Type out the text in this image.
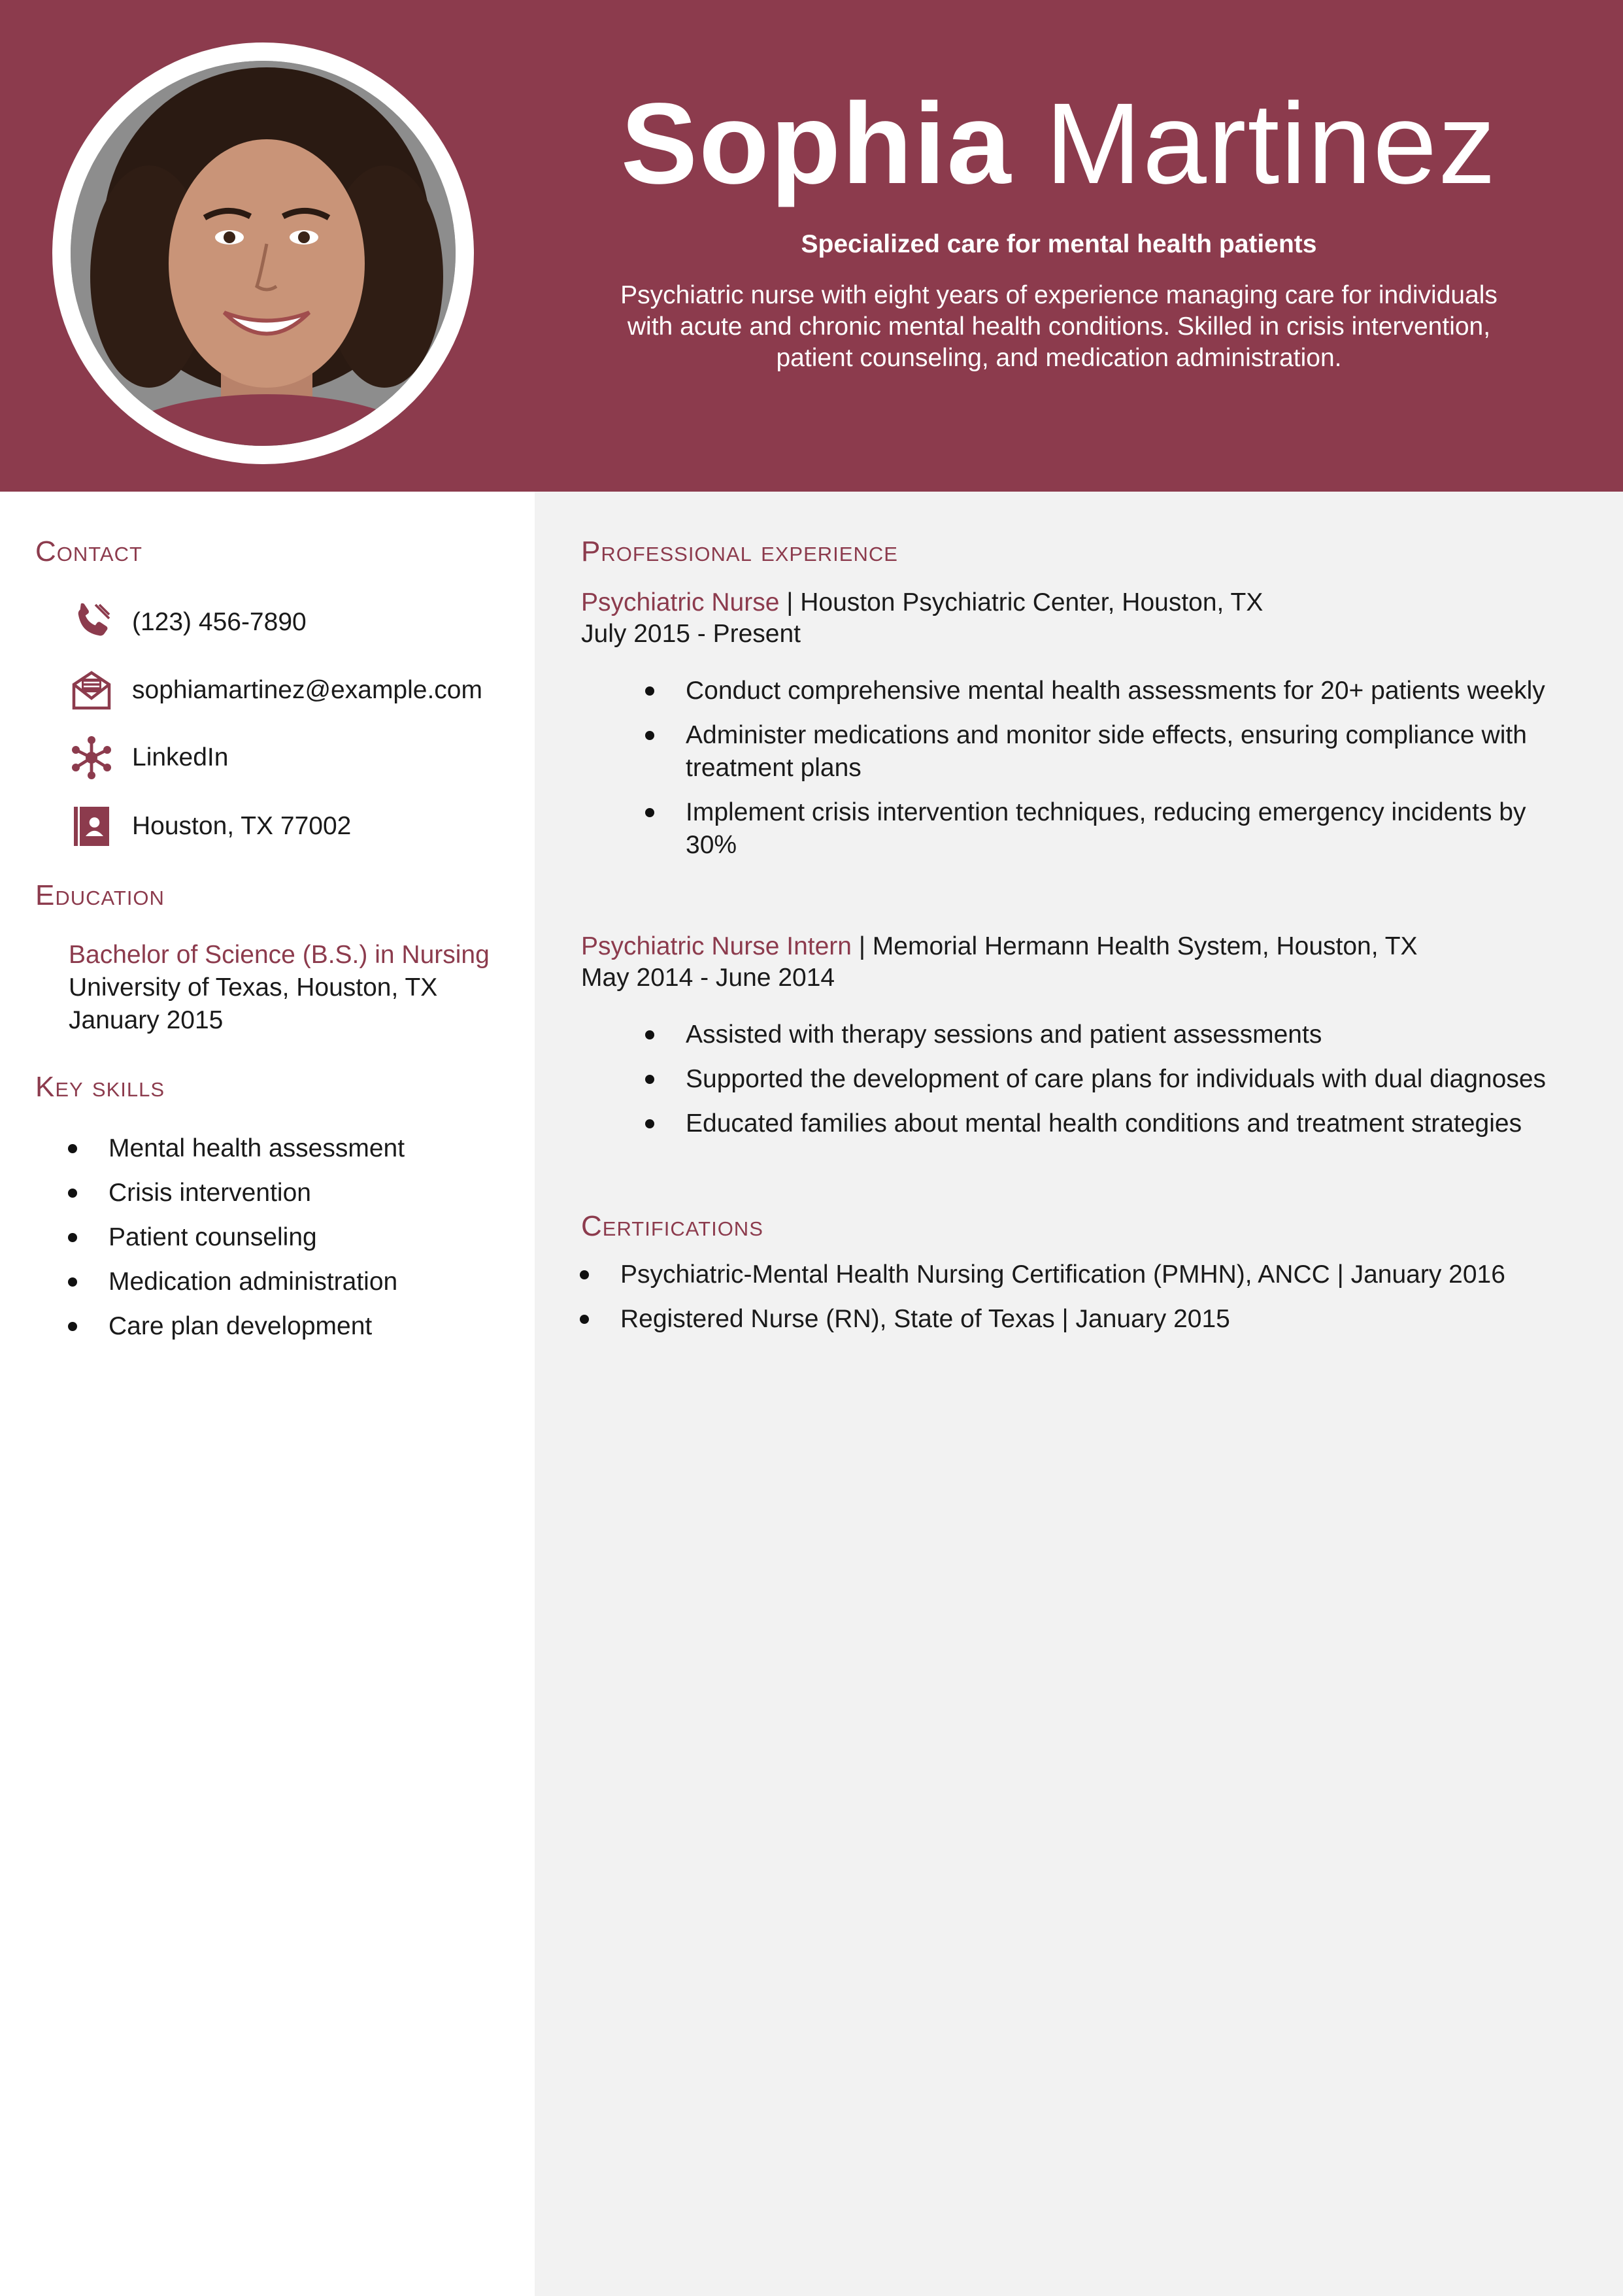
Sophia Martinez
Specialized care for mental health patients
Psychiatric nurse with eight years of experience managing care for individuals with acute and chronic mental health conditions. Skilled in crisis intervention, patient counseling, and medication administration.
Contact
(123) 456-7890
sophiamartinez@example.com
LinkedIn
Houston, TX 77002
Education
Bachelor of Science (B.S.) in Nursing
University of Texas, Houston, TX
January 2015
Key skills
Mental health assessment
Crisis intervention
Patient counseling
Medication administration
Care plan development
Professional experience
Psychiatric Nurse | Houston Psychiatric Center, Houston, TX
July 2015 - Present
Conduct comprehensive mental health assessments for 20+ patients weekly
Administer medications and monitor side effects, ensuring compliance with treatment plans
Implement crisis intervention techniques, reducing emergency incidents by 30%
Psychiatric Nurse Intern | Memorial Hermann Health System, Houston, TX
May 2014 - June 2014
Assisted with therapy sessions and patient assessments
Supported the development of care plans for individuals with dual diagnoses
Educated families about mental health conditions and treatment strategies
Certifications
Psychiatric-Mental Health Nursing Certification (PMHN), ANCC | January 2016
Registered Nurse (RN), State of Texas | January 2015
